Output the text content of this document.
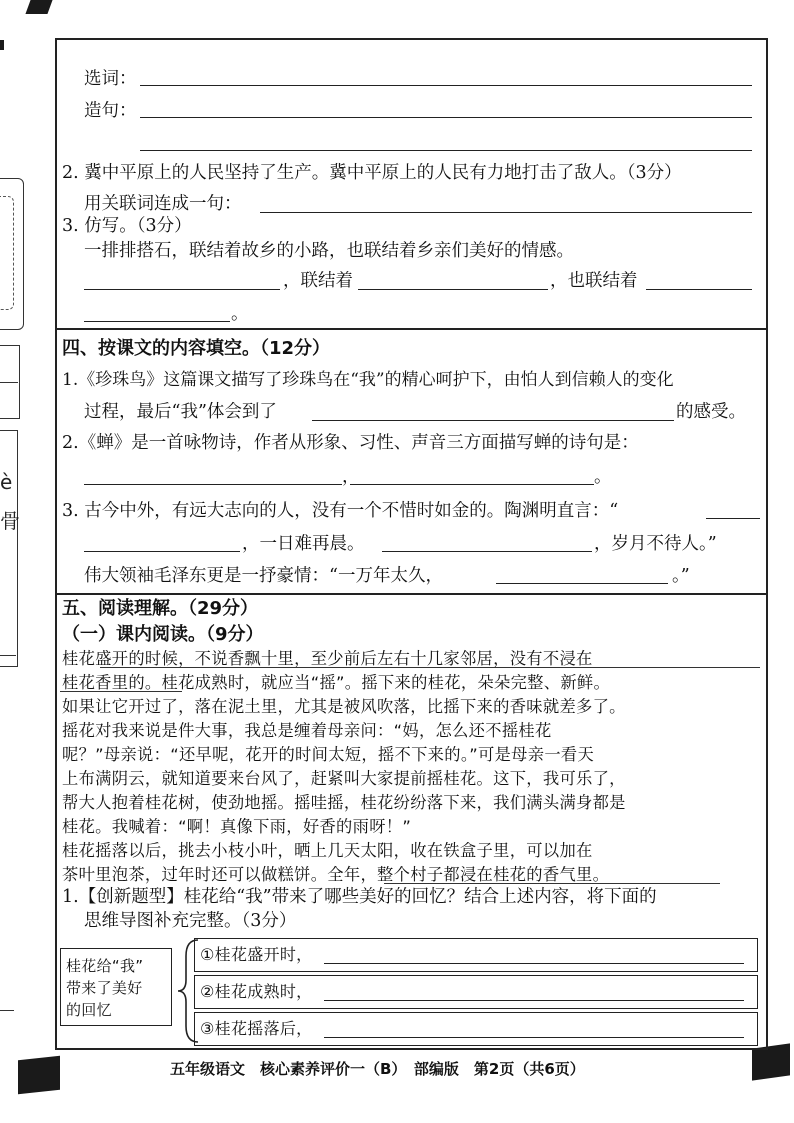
è
骨
选词：
造句：
2. 冀中平原上的人民坚持了生产。冀中平原上的人民有力地打击了敌人。（3分）
用关联词连成一句：
3. 仿写。（3分）
一排排搭石，联结着故乡的小路，也联结着乡亲们美好的情感。
，联结着	，也联结着
。
四、按课文的内容填空。（12分）
1.《珍珠鸟》这篇课文描写了珍珠鸟在“我”的精心呵护下，由怕人到信赖人的变化
过程，最后“我”体会到了	的感受。
2.《蝉》是一首咏物诗，作者从形象、习性、声音三方面描写蝉的诗句是：
，	。
3. 古今中外，有远大志向的人，没有一个不惜时如金的。陶渊明直言：“
，一日难再晨。	，岁月不待人。”
伟大领袖毛泽东更是一抒豪情：“一万年太久，	。”
五、阅读理解。（29分）
（一）课内阅读。（9分）
桂花盛开的时候，不说香飘十里，至少前后左右十几家邻居，没有不浸在
桂花香里的。桂花成熟时，就应当“摇”。摇下来的桂花，朵朵完整、新鲜。
如果让它开过了，落在泥土里，尤其是被风吹落，比摇下来的香味就差多了。
摇花对我来说是件大事，我总是缠着母亲问：“妈，怎么还不摇桂花
呢？”母亲说：“还早呢，花开的时间太短，摇不下来的。”可是母亲一看天
上布满阴云，就知道要来台风了，赶紧叫大家提前摇桂花。这下，我可乐了，
帮大人抱着桂花树，使劲地摇。摇哇摇，桂花纷纷落下来，我们满头满身都是
桂花。我喊着：“啊！真像下雨，好香的雨呀！”
桂花摇落以后，挑去小枝小叶，晒上几天太阳，收在铁盒子里，可以加在
茶叶里泡茶，过年时还可以做糕饼。全年，整个村子都浸在桂花的香气里。
1.【创新题型】桂花给“我”带来了哪些美好的回忆？结合上述内容，将下面的
思维导图补充完整。（3分）
桂花给“我”
带来了美好
的回忆
①桂花盛开时，
②桂花成熟时，
③桂花摇落后，
五年级语文　核心素养评价一（B）　部编版　第2页（共6页）
